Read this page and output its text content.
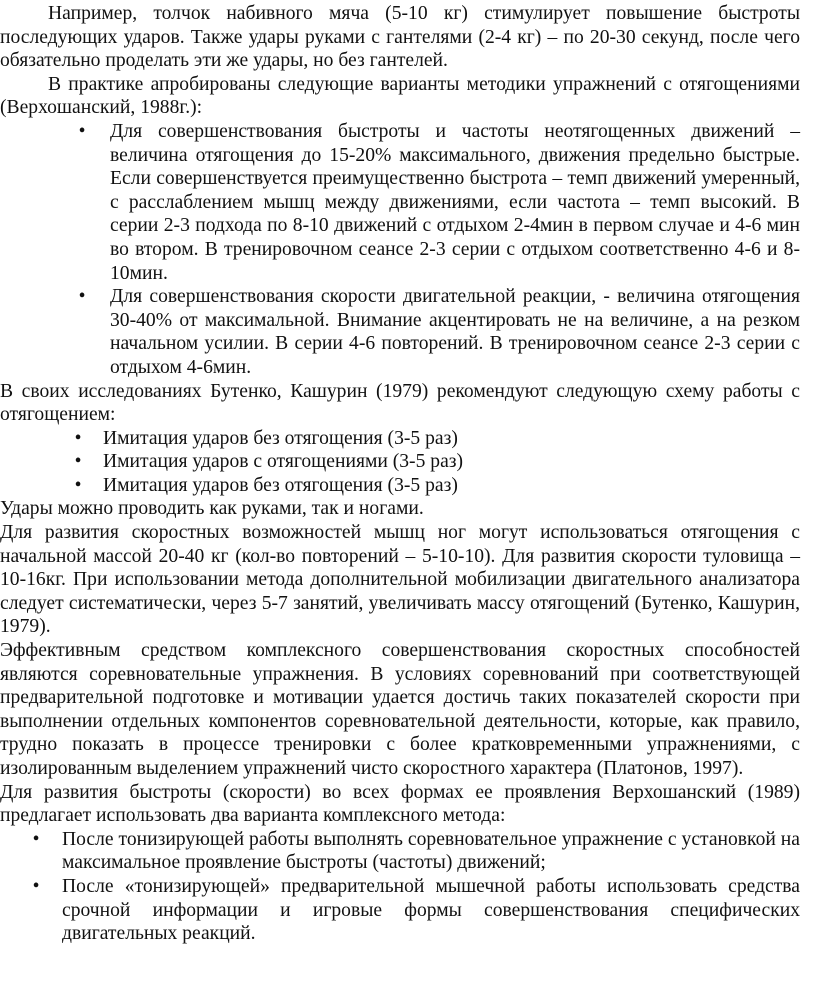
Например, толчок набивного мяча (5-10 кг) стимулирует повышение быстроты последующих ударов. Также удары руками с гантелями (2-4 кг) – по 20-30 секунд, после чего обязательно проделать эти же удары, но без гантелей.

В практике апробированы следующие варианты методики упражнений с отягощениями (Верхошанский, 1988г.):

• Для совершенствования быстроты и частоты неотягощенных движений – величина отягощения до 15-20% максимального, движения предельно быстрые. Если совершенствуется преимущественно быстрота – темп движений умеренный, с расслаблением мышц между движениями, если частота – темп высокий. В серии 2-3 подхода по 8-10 движений с отдыхом 2-4мин в первом случае и 4-6 мин во втором. В тренировочном сеансе 2-3 серии с отдыхом соответственно 4-6 и 8-10мин.
• Для совершенствования скорости двигательной реакции, - величина отягощения 30-40% от максимальной. Внимание акцентировать не на величине, а на резком начальном усилии. В серии 4-6 повторений. В тренировочном сеансе 2-3 серии с отдыхом 4-6мин.

В своих исследованиях Бутенко, Кашурин (1979) рекомендуют следующую схему работы с отягощением:

• Имитация ударов без отягощения (3-5 раз)
• Имитация ударов с отягощениями (3-5 раз)
• Имитация ударов без отягощения (3-5 раз)

Удары можно проводить как руками, так и ногами.

Для развития скоростных возможностей мышц ног могут использоваться отягощения с начальной массой 20-40 кг (кол-во повторений – 5-10-10). Для развития скорости туловища – 10-16кг. При использовании метода дополнительной мобилизации двигательного анализатора следует систематически, через 5-7 занятий, увеличивать массу отягощений (Бутенко, Кашурин, 1979).

Эффективным средством комплексного совершенствования скоростных способностей являются соревновательные упражнения. В условиях соревнований при соответствующей предварительной подготовке и мотивации удается достичь таких показателей скорости при выполнении отдельных компонентов соревновательной деятельности, которые, как правило, трудно показать в процессе тренировки с более кратковременными упражнениями, с изолированным выделением упражнений чисто скоростного характера (Платонов, 1997).

Для развития быстроты (скорости) во всех формах ее проявления Верхошанский (1989) предлагает использовать два варианта комплексного метода:

• После тонизирующей работы выполнять соревновательное упражнение с установкой на максимальное проявление быстроты (частоты) движений;
• После «тонизирующей» предварительной мышечной работы использовать средства срочной информации и игровые формы совершенствования специфических двигательных реакций.
